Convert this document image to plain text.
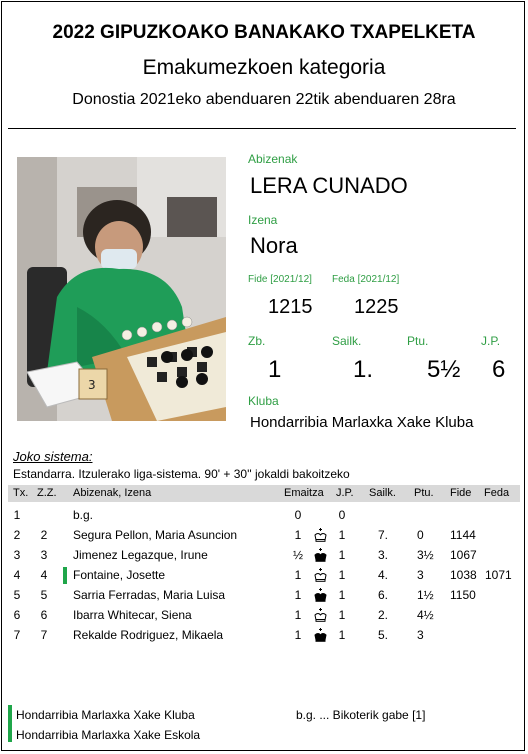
2022 GIPUZKOAKO BANAKAKO TXAPELKETA
Emakumezkoen kategoria
Donostia 2021eko abenduaren 22tik abenduaren 28ra
3
Abizenak
LERA CUNADO
Izena
Nora
Fide [2021/12]
1215
Feda [2021/12]
1225
Zb.
1
Sailk.
1.
Ptu.
5½
J.P.
6
Kluba
Hondarribia Marlaxka Xake Kluba
Joko sistema:
Estandarra. Itzulerako liga-sistema. 90' + 30'' jokaldi bakoitzeko
Tx. Z.Z. Abizenak, Izena	Emaitza J.P. Sailk. Ptu. Fide Feda
1	b.g.	0	0
2	2	Segura Pellon, Maria Asuncion	1	1	7. 0 1144
3	3	Jimenez Legazque, Irune	½	1	3. 3½ 1067
4	4	Fontaine, Josette	1	1	4. 3 1038 1071
5	5	Sarria Ferradas, Maria Luisa	1	1	6. 1½ 1150
6	6	Ibarra Whitecar, Siena	1	1	2. 4½
7	7	Rekalde Rodriguez, Mikaela	1	1	5. 3
Hondarribia Marlaxka Xake Kluba
Hondarribia Marlaxka Xake Eskola
b.g. ... Bikoterik gabe [1]
